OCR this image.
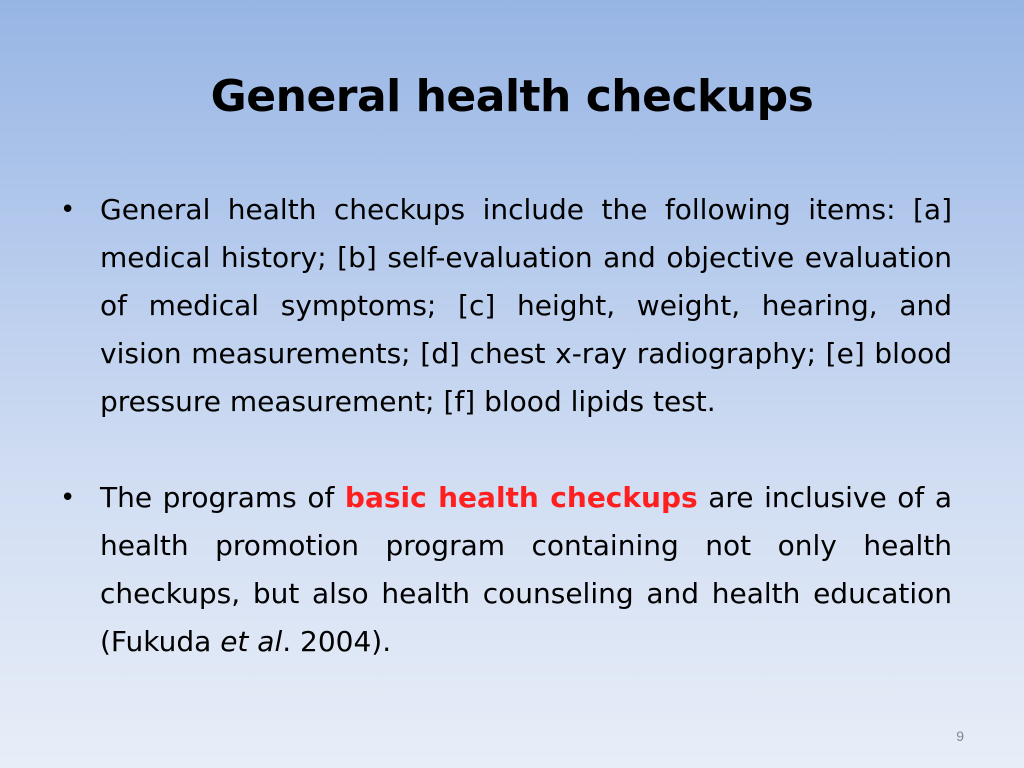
General health checkups
• General health checkups include the following items: [a] medical history; [b] self-evaluation and objective evaluation of medical symptoms; [c] height, weight, hearing, and vision measurements; [d] chest x-ray radiography; [e] blood pressure measurement; [f] blood lipids test.
• The programs of basic health checkups are inclusive of a health promotion program containing not only health checkups, but also health counseling and health education (Fukuda et al. 2004).
9
